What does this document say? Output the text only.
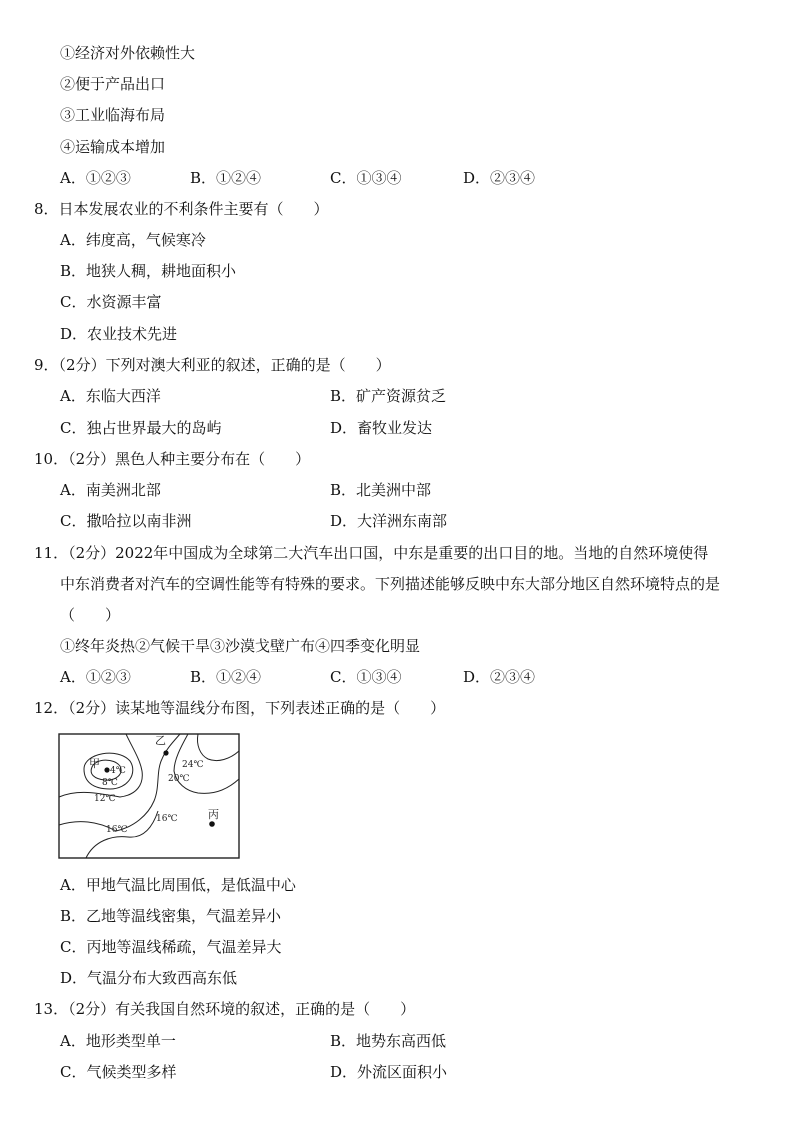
①经济对外依赖性大
②便于产品出口
③工业临海布局
④运输成本增加
A．①②③	B．①②④	C．①③④	D．②③④
8．日本发展农业的不利条件主要有（　　）
A．纬度高，气候寒冷
B．地狭人稠，耕地面积小
C．水资源丰富
D．农业技术先进
9．（2分）下列对澳大利亚的叙述，正确的是（　　）
A．东临大西洋	B．矿产资源贫乏
C．独占世界最大的岛屿	D．畜牧业发达
10．（2分）黑色人种主要分布在（　　）
A．南美洲北部	B．北美洲中部
C．撒哈拉以南非洲	D．大洋洲东南部
11．（2分）2022年中国成为全球第二大汽车出口国，中东是重要的出口目的地。当地的自然环境使得
中东消费者对汽车的空调性能等有特殊的要求。下列描述能够反映中东大部分地区自然环境特点的是
（　　）
①终年炎热②气候干旱③沙漠戈壁广布④四季变化明显
A．①②③	B．①②④	C．①③④	D．②③④
12．（2分）读某地等温线分布图，下列表述正确的是（　　）
甲
乙
丙
4℃
8℃
12℃
16℃
16℃
20℃
24℃
A．甲地气温比周围低，是低温中心
B．乙地等温线密集，气温差异小
C．丙地等温线稀疏，气温差异大
D．气温分布大致西高东低
13．（2分）有关我国自然环境的叙述，正确的是（　　）
A．地形类型单一	B．地势东高西低
C．气候类型多样	D．外流区面积小
